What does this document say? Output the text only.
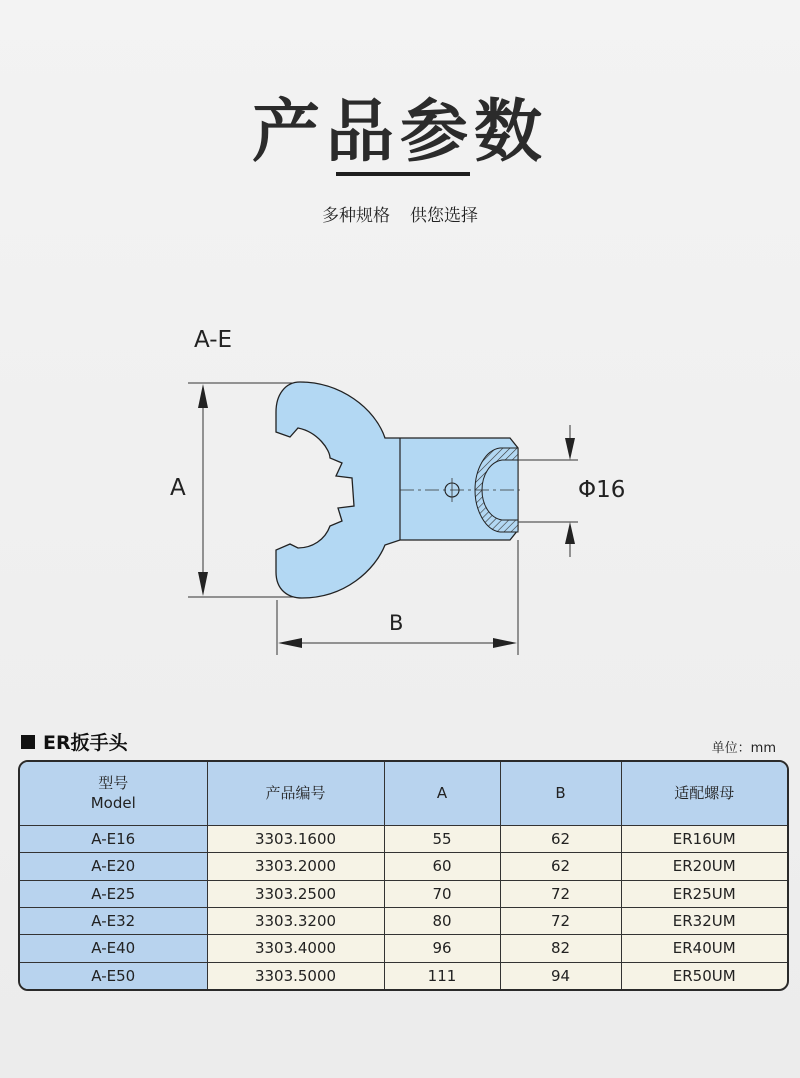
产品参数
多种规格 供您选择
A-E
A
B
Φ16
ER扳手头	单位：mm
型号
Model	产品编号	A	B	适配螺母
A-E16	3303.1600	55	62	ER16UM
A-E20	3303.2000	60	62	ER20UM
A-E25	3303.2500	70	72	ER25UM
A-E32	3303.3200	80	72	ER32UM
A-E40	3303.4000	96	82	ER40UM
A-E50	3303.5000	111	94	ER50UM
